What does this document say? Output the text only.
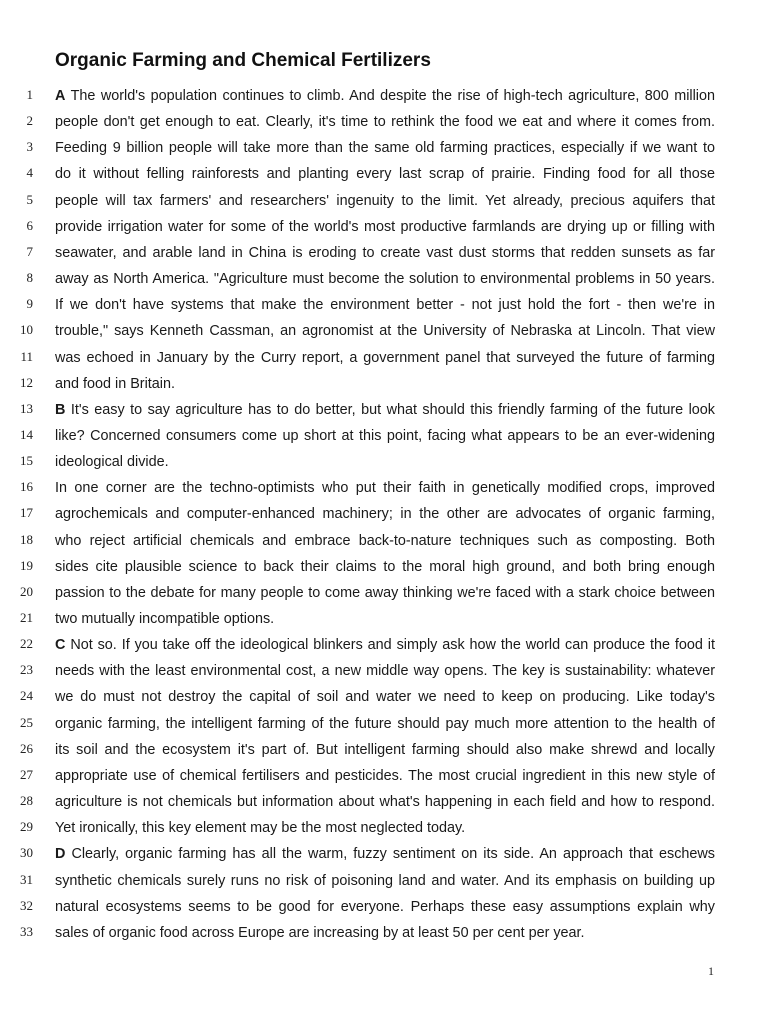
Organic Farming and Chemical Fertilizers
1 A The world's population continues to climb. And despite the rise of high-tech agriculture, 800 million
2 people don't get enough to eat. Clearly, it's time to rethink the food we eat and where it comes from.
3 Feeding 9 billion people will take more than the same old farming practices, especially if we want to
4 do it without felling rainforests and planting every last scrap of prairie. Finding food for all those
5 people will tax farmers' and researchers' ingenuity to the limit. Yet already, precious aquifers that
6 provide irrigation water for some of the world's most productive farmlands are drying up or filling with
7 seawater, and arable land in China is eroding to create vast dust storms that redden sunsets as far
8 away as North America. "Agriculture must become the solution to environmental problems in 50 years.
9 If we don't have systems that make the environment better - not just hold the fort - then we're in
10 trouble," says Kenneth Cassman, an agronomist at the University of Nebraska at Lincoln. That view
11 was echoed in January by the Curry report, a government panel that surveyed the future of farming
12 and food in Britain.
13 B It's easy to say agriculture has to do better, but what should this friendly farming of the future look
14 like? Concerned consumers come up short at this point, facing what appears to be an ever-widening
15 ideological divide.
16 In one corner are the techno-optimists who put their faith in genetically modified crops, improved
17 agrochemicals and computer-enhanced machinery; in the other are advocates of organic farming,
18 who reject artificial chemicals and embrace back-to-nature techniques such as composting. Both
19 sides cite plausible science to back their claims to the moral high ground, and both bring enough
20 passion to the debate for many people to come away thinking we're faced with a stark choice between
21 two mutually incompatible options.
22 C Not so. If you take off the ideological blinkers and simply ask how the world can produce the food it
23 needs with the least environmental cost, a new middle way opens. The key is sustainability: whatever
24 we do must not destroy the capital of soil and water we need to keep on producing. Like today's
25 organic farming, the intelligent farming of the future should pay much more attention to the health of
26 its soil and the ecosystem it's part of. But intelligent farming should also make shrewd and locally
27 appropriate use of chemical fertilisers and pesticides. The most crucial ingredient in this new style of
28 agriculture is not chemicals but information about what's happening in each field and how to respond.
29 Yet ironically, this key element may be the most neglected today.
30 D Clearly, organic farming has all the warm, fuzzy sentiment on its side. An approach that eschews
31 synthetic chemicals surely runs no risk of poisoning land and water. And its emphasis on building up
32 natural ecosystems seems to be good for everyone. Perhaps these easy assumptions explain why
33 sales of organic food across Europe are increasing by at least 50 per cent per year.
1
